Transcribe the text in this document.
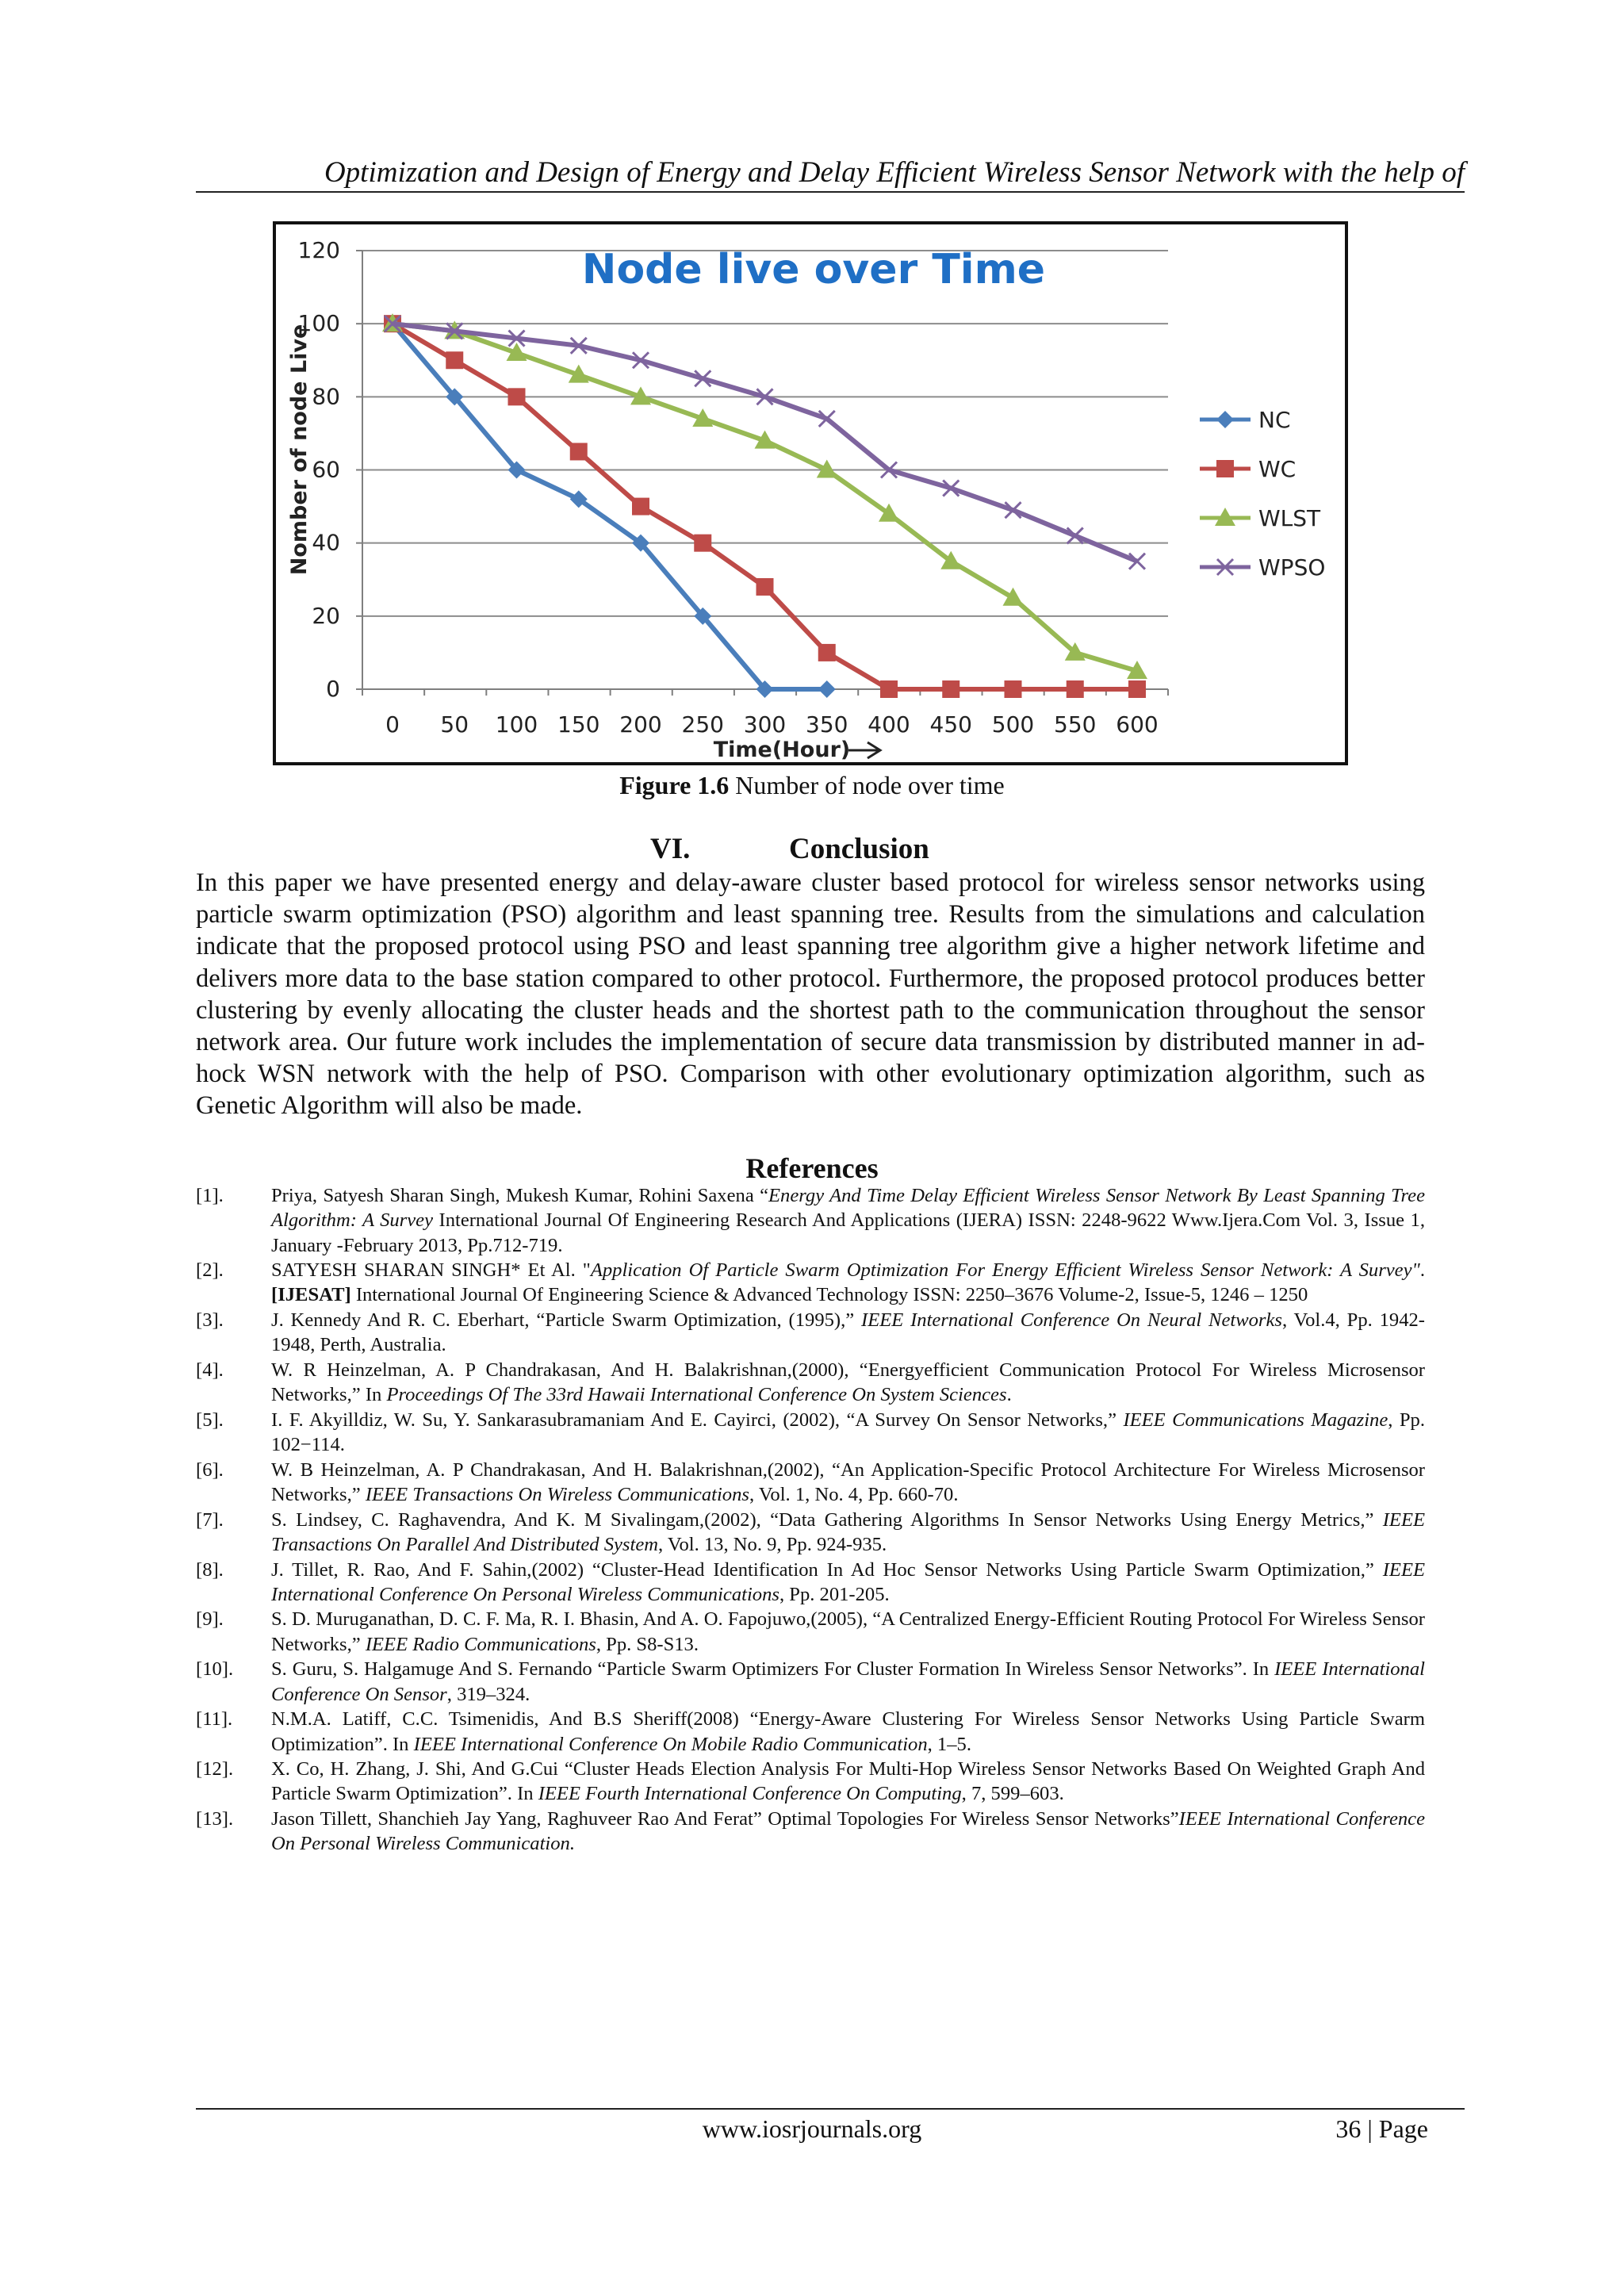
Optimization and Design of Energy and Delay Efficient Wireless Sensor Network with the help of
0
20
40
60
80
100
120
0 50 100 150 200 250 300 350 400 450 500 550 600
NC
WC
WLST
WPSO
Node live over Time
Nomber of node Live
Time(Hour)
Figure 1.6 Number of node over time
VI.	Conclusion
In this paper we have presented energy and delay-aware cluster based protocol for wireless sensor networks using particle swarm optimization (PSO) algorithm and least spanning tree. Results from the simulations and calculation indicate that the proposed protocol using PSO and least spanning tree algorithm give a higher network lifetime and delivers more data to the base station compared to other protocol. Furthermore, the proposed protocol produces better clustering by evenly allocating the cluster heads and the shortest path to the communication throughout the sensor network area. Our future work includes the implementation of secure data transmission by distributed manner in ad- hock WSN network with the help of PSO. Comparison with other evolutionary optimization algorithm, such as Genetic Algorithm will also be made.
References
[1].	Priya, Satyesh Sharan Singh, Mukesh Kumar, Rohini Saxena “Energy And Time Delay Efficient Wireless Sensor Network By Least Spanning Tree Algorithm: A Survey International Journal Of Engineering Research And Applications (IJERA) ISSN: 2248-9622 Www.Ijera.Com Vol. 3, Issue 1, January -February 2013, Pp.712-719.
[2].	SATYESH SHARAN SINGH* Et Al. "Application Of Particle Swarm Optimization For Energy Efficient Wireless Sensor Network: A Survey".[IJESAT] International Journal Of Engineering Science & Advanced Technology ISSN: 2250–3676 Volume-2, Issue-5, 1246 – 1250
[3].	J. Kennedy And R. C. Eberhart, “Particle Swarm Optimization, (1995),” IEEE International Conference On Neural Networks, Vol.4, Pp. 1942-1948, Perth, Australia.
[4].	W. R Heinzelman, A. P Chandrakasan, And H. Balakrishnan,(2000), “Energyefficient Communication Protocol For Wireless Microsensor Networks,” In Proceedings Of The 33rd Hawaii International Conference On System Sciences.
[5].	I. F. Akyilldiz, W. Su, Y. Sankarasubramaniam And E. Cayirci, (2002), “A Survey On Sensor Networks,” IEEE Communications Magazine, Pp. 102−114.
[6].	W. B Heinzelman, A. P Chandrakasan, And H. Balakrishnan,(2002), “An Application-Specific Protocol Architecture For Wireless Microsensor Networks,” IEEE Transactions On Wireless Communications, Vol. 1, No. 4, Pp. 660-70.
[7].	S. Lindsey, C. Raghavendra, And K. M Sivalingam,(2002), “Data Gathering Algorithms In Sensor Networks Using Energy Metrics,” IEEE Transactions On Parallel And Distributed System, Vol. 13, No. 9, Pp. 924-935.
[8].	J. Tillet, R. Rao, And F. Sahin,(2002) “Cluster-Head Identification In Ad Hoc Sensor Networks Using Particle Swarm Optimization,” IEEE International Conference On Personal Wireless Communications, Pp. 201-205.
[9].	S. D. Muruganathan, D. C. F. Ma, R. I. Bhasin, And A. O. Fapojuwo,(2005), “A Centralized Energy-Efficient Routing Protocol For Wireless Sensor Networks,” IEEE Radio Communications, Pp. S8-S13.
[10].	S. Guru, S. Halgamuge And S. Fernando “Particle Swarm Optimizers For Cluster Formation In Wireless Sensor Networks”. In IEEE International Conference On Sensor, 319–324.
[11].	N.M.A. Latiff, C.C. Tsimenidis, And B.S Sheriff(2008) “Energy-Aware Clustering For Wireless Sensor Networks Using Particle Swarm Optimization”. In IEEE International Conference On Mobile Radio Communication, 1–5.
[12].	X. Co, H. Zhang, J. Shi, And G.Cui “Cluster Heads Election Analysis For Multi-Hop Wireless Sensor Networks Based On Weighted Graph And Particle Swarm Optimization”. In IEEE Fourth International Conference On Computing, 7, 599–603.
[13].	Jason Tillett, Shanchieh Jay Yang, Raghuveer Rao And Ferat” Optimal Topologies For Wireless Sensor Networks”IEEE International Conference On Personal Wireless Communication.
www.iosrjournals.org	36 | Page
